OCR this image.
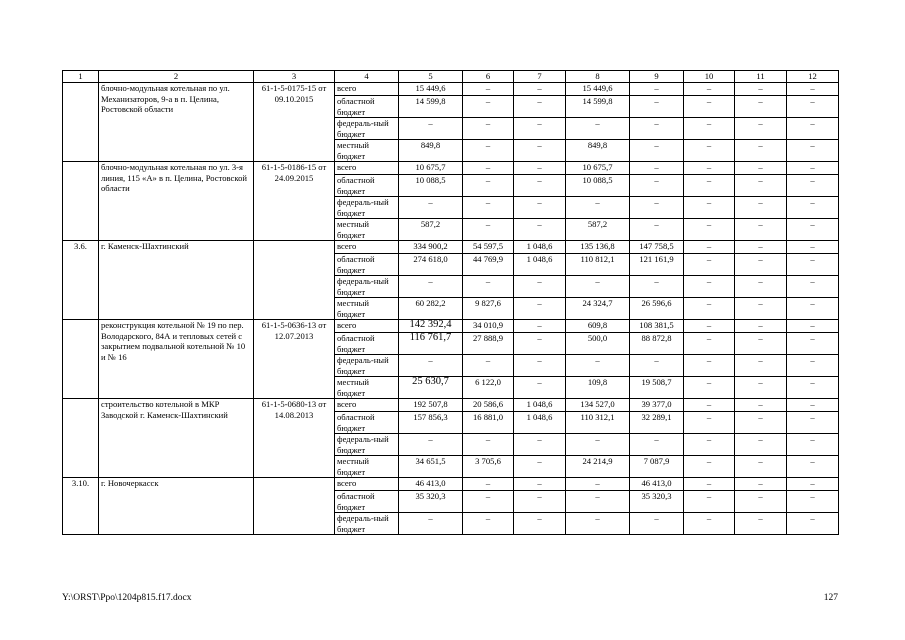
1	2	3	4	5	6	7	8	9	10	11	12
	блочно-модульная котельная по ул. Механизаторов, 9-а в п. Целина, Ростовской области	61-1-5-0175-15 от 09.10.2015	всего	15 449,6	–	–	15 449,6	–	–	–	–
			областной бюджет	14 599,8	–	–	14 599,8	–	–	–	–
			федераль-ный бюджет	–	–	–	–	–	–	–	–
			местный бюджет	849,8	–	–	849,8	–	–	–	–
	блочно-модульная котельная по ул. 3-я линия, 115 «А» в п. Целина, Ростовской области	61-1-5-0186-15 от 24.09.2015	всего	10 675,7	–	–	10 675,7	–	–	–	–
			областной бюджет	10 088,5	–	–	10 088,5	–	–	–	–
			федераль-ный бюджет	–	–	–	–	–	–	–	–
			местный бюджет	587,2	–	–	587,2	–	–	–	–
3.6.	г. Каменск-Шахтинский		всего	334 900,2	54 597,5	1 048,6	135 136,8	147 758,5	–	–	–
			областной бюджет	274 618,0	44 769,9	1 048,6	110 812,1	121 161,9	–	–	–
			федераль-ный бюджет	–	–	–	–	–	–	–	–
			местный бюджет	60 282,2	9 827,6	–	24 324,7	26 596,6	–	–	–
	реконструкция котельной № 19 по пер. Володарского, 84А и тепловых сетей с закрытием подвальной котельной № 10 и № 16	61-1-5-0636-13 от 12.07.2013	всего	142 392,4	34 010,9	–	609,8	108 381,5	–	–	–
			областной бюджет	116 761,7	27 888,9	–	500,0	88 872,8	–	–	–
			федераль-ный бюджет	–	–	–	–	–	–	–	–
			местный бюджет	25 630,7	6 122,0	–	109,8	19 508,7	–	–	–
	строительство котельной в МКР Заводской г. Каменск-Шахтинский	61-1-5-0680-13 от 14.08.2013	всего	192 507,8	20 586,6	1 048,6	134 527,0	39 377,0	–	–	–
			областной бюджет	157 856,3	16 881,0	1 048,6	110 312,1	32 289,1	–	–	–
			федераль-ный бюджет	–	–	–	–	–	–	–	–
			местный бюджет	34 651,5	3 705,6	–	24 214,9	7 087,9	–	–	–
3.10.	г. Новочеркасск		всего	46 413,0	–	–	–	46 413,0	–	–	–
			областной бюджет	35 320,3	–	–	–	35 320,3	–	–	–
			федераль-ный бюджет	–	–	–	–	–	–	–	–
Y:\ORST\Ppo\1204p815.f17.docx	127
